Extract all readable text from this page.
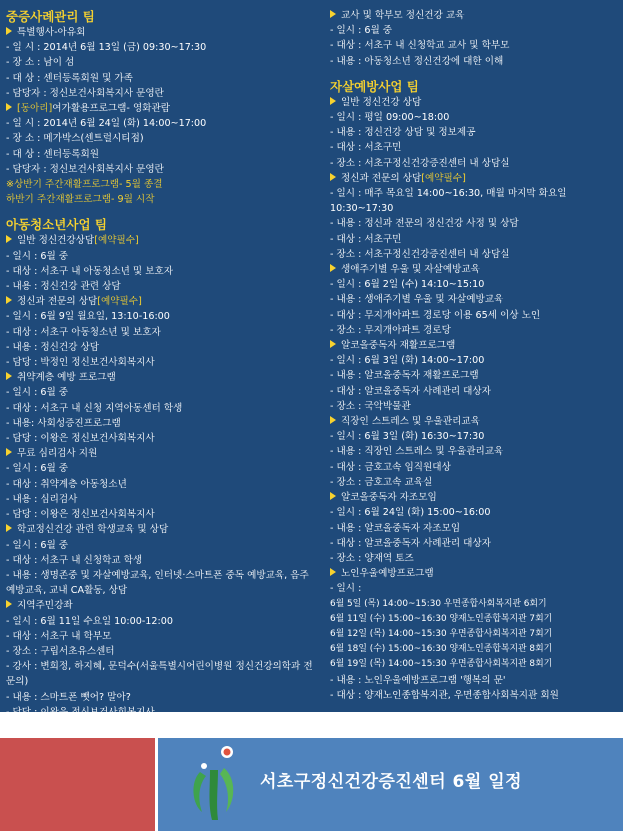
중증사례관리 팀
특별행사-아유회
- 일 시 : 2014년 6월 13일 (금) 09:30~17:30
- 장 소 : 남이 섬
- 대 상 : 센터등록회원 및 가족
- 담당자 : 정신보건사회복지사 문영란
[동아리]여가활용프로그램- 영화관람
- 일 시 : 2014년 6월 24일 (화) 14:00~17:00
- 장 소 : 메가박스(센트럴시티점)
- 대 상 : 센터등록회원
- 담당자 : 정신보건사회복지사 문영란
※상반기 주간재활프로그램- 5월 종결
하반기 주간재활프로그램- 9월 시작
아동청소년사업 팀
일반 정신건강상담[예약필수]
- 일시 : 6월 중
- 대상 : 서초구 내 아동청소년 및 보호자
- 내용 : 정신건강 관련 상담
정신과 전문의 상담[예약필수]
- 일시 : 6월 9일 월요일, 13:10-16:00
- 대상 : 서초구 아동청소년 및 보호자
- 내용 : 정신건강 상담
- 담당 : 박정인 정신보건사회복지사
취약계층 예방 프로그램
- 일시 : 6월 중
- 대상 : 서초구 내 신청 지역아동센터 학생
- 내용: 사회성증진프로그램
- 담당 : 이왕은 정신보건사회복지사
무료 심리검사 지원
- 일시 : 6월 중
- 대상 : 취약계층 아동청소년
- 내용 : 심리검사
- 담당 : 이왕은 정신보건사회복지사
학교정신건강 관련 학생교육 및 상담
- 일시 : 6월 중
- 대상 : 서초구 내 신청학교 학생
- 내용 : 생명존중 및 자살예방교육, 인터넷·스마트폰 중독 예방교육, 음주예방교육, 교내 CA활동, 상담
지역주민강좌
- 일시 : 6월 11일 수요일 10:00-12:00
- 대상 : 서초구 내 학부모
- 장소 : 구립서초유스센터
- 강사 : 변희정, 하지혜, 문덕수(서울특별시어린이병원 정신건강의학과 전문의)
- 내용 : 스마트폰 뺏어? 말아?
- 담당 : 이왕은 정신보건사회복지사
교사 및 학부모 정신건강 교육
- 일시 : 6월 중
- 대상 : 서초구 내 신청학교 교사 및 학부모
- 내용 : 아동청소년 정신건강에 대한 이해
자살예방사업 팀
일반 정신건강 상담
- 일시 : 평일 09:00~18:00
- 내용 : 정신건강 상담 및 정보제공
- 대상 : 서초구민
- 장소 : 서초구정신건강증진센터 내 상담실
정신과 전문의 상담[예약필수]
- 일시 : 매주 목요일 14:00~16:30, 매월 마지막 화요일 10:30~17:30
- 내용 : 정신과 전문의 정신건강 사정 및 상담
- 대상 : 서초구민
- 장소 : 서초구정신건강증진센터 내 상담실
생애주기별 우울 및 자살예방교육
- 일시 : 6월 2일 (수) 14:10~15:10
- 내용 : 생애주기별 우울 및 자살예방교육
- 대상 : 무지개아파트 경로당 이용 65세 이상 노인
- 장소 : 무지개아파트 경로당
알코올중독자 재활프로그램
- 일시 : 6월 3일 (화) 14:00~17:00
- 내용 : 알코올중독자 재활프로그램
- 대상 : 알코올중독자 사례관리 대상자
- 장소 : 국악박물관
직장인 스트레스 및 우울관리교육
- 일시 : 6월 3일 (화) 16:30~17:30
- 내용 : 직장인 스트레스 및 우울관리교육
- 대상 : 금호고속 임직원대상
- 장소 : 금호고속 교육실
알코올중독자 자조모임
- 일시 : 6월 24일 (화) 15:00~16:00
- 내용 : 알코올중독자 자조모임
- 대상 : 알코올중독자 사례관리 대상자
- 장소 : 양재역 토즈
노인우울예방프로그램
- 일시 :
6월 5일 (목) 14:00~15:30 우면종합사회복지관 6회기
6월 11일 (수) 15:00~16:30 양재노인종합복지관 7회기
6월 12일 (목) 14:00~15:30 우면종합사회복지관 7회기
6월 18일 (수) 15:00~16:30 양재노인종합복지관 8회기
6월 19일 (목) 14:00~15:30 우면종합사회복지관 8회기
- 내용 : 노인우울예방프로그램 '행복의 문'
- 대상 : 양재노인종합복지관, 우면종합사회복지관 회원
서초구정신건강증진센터 6월 일정
